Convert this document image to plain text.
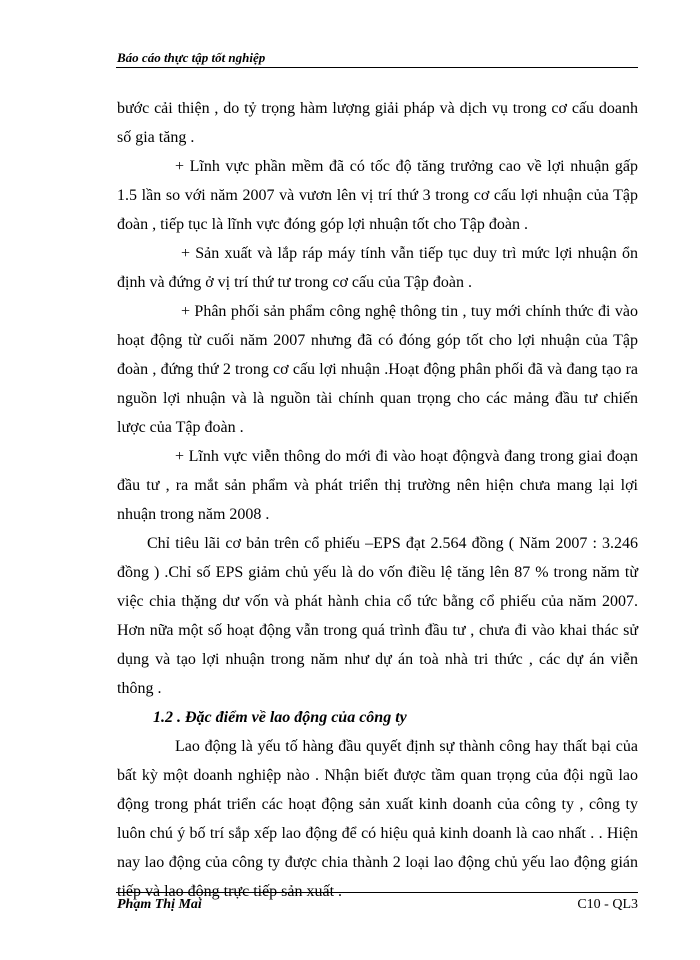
Báo cáo thực tập tốt nghiệp

bước cải thiện , do tỷ trọng hàm lượng giải pháp và dịch vụ trong cơ cấu doanh số gia tăng .

+ Lĩnh vực phần mềm đã có tốc độ tăng trưởng cao về lợi nhuận gấp 1.5 lần so với năm 2007 và vươn lên vị trí thứ 3 trong cơ cấu lợi nhuận của Tập đoàn , tiếp tục là lĩnh vực đóng góp lợi nhuận tốt cho Tập đoàn .

+ Sản xuất và lắp ráp máy tính vẫn tiếp tục duy trì mức lợi nhuận ổn định và đứng ở vị trí thứ tư trong cơ cấu của Tập đoàn .

+ Phân phối sản phẩm công nghệ thông tin , tuy mới chính thức đi vào hoạt động từ cuối năm 2007 nhưng đã có đóng góp tốt cho lợi nhuận của Tập đoàn , đứng thứ 2 trong cơ cấu lợi nhuận .Hoạt động phân phối đã và đang tạo ra nguồn lợi nhuận và là nguồn tài chính quan trọng cho các mảng đầu tư chiến lược của Tập đoàn .

+ Lĩnh vực viễn thông do mới đi vào hoạt độngvà đang trong giai đoạn đầu tư , ra mắt sản phẩm và phát triển thị trường nên hiện chưa mang lại lợi nhuận trong năm 2008 .

Chỉ tiêu lãi cơ bản trên cổ phiếu –EPS đạt 2.564 đồng ( Năm 2007 : 3.246 đồng ) .Chỉ số EPS giảm chủ yếu là do vốn điều lệ tăng lên 87 % trong năm từ việc chia thặng dư vốn và phát hành chia cổ tức bằng cổ phiếu của năm 2007. Hơn nữa một số hoạt động vẫn trong quá trình đầu tư , chưa đi vào khai thác sử dụng và tạo lợi nhuận trong năm như dự án toà nhà tri thức , các dự án viễn thông .

1.2 . Đặc điểm về lao động của công ty

Lao động là yếu tố hàng đầu quyết định sự thành công hay thất bại của bất kỳ một doanh nghiệp nào . Nhận biết được tầm quan trọng của đội ngũ lao động trong phát triển các hoạt động sản xuất kinh doanh của công ty , công ty luôn chú ý bố trí sắp xếp lao động để có hiệu quả kinh doanh là cao nhất . . Hiện nay lao động của công ty được chia thành 2 loại lao động chủ yếu lao động gián tiếp và lao động trực tiếp sản xuất .

Phạm Thị Mai	C10 - QL3
